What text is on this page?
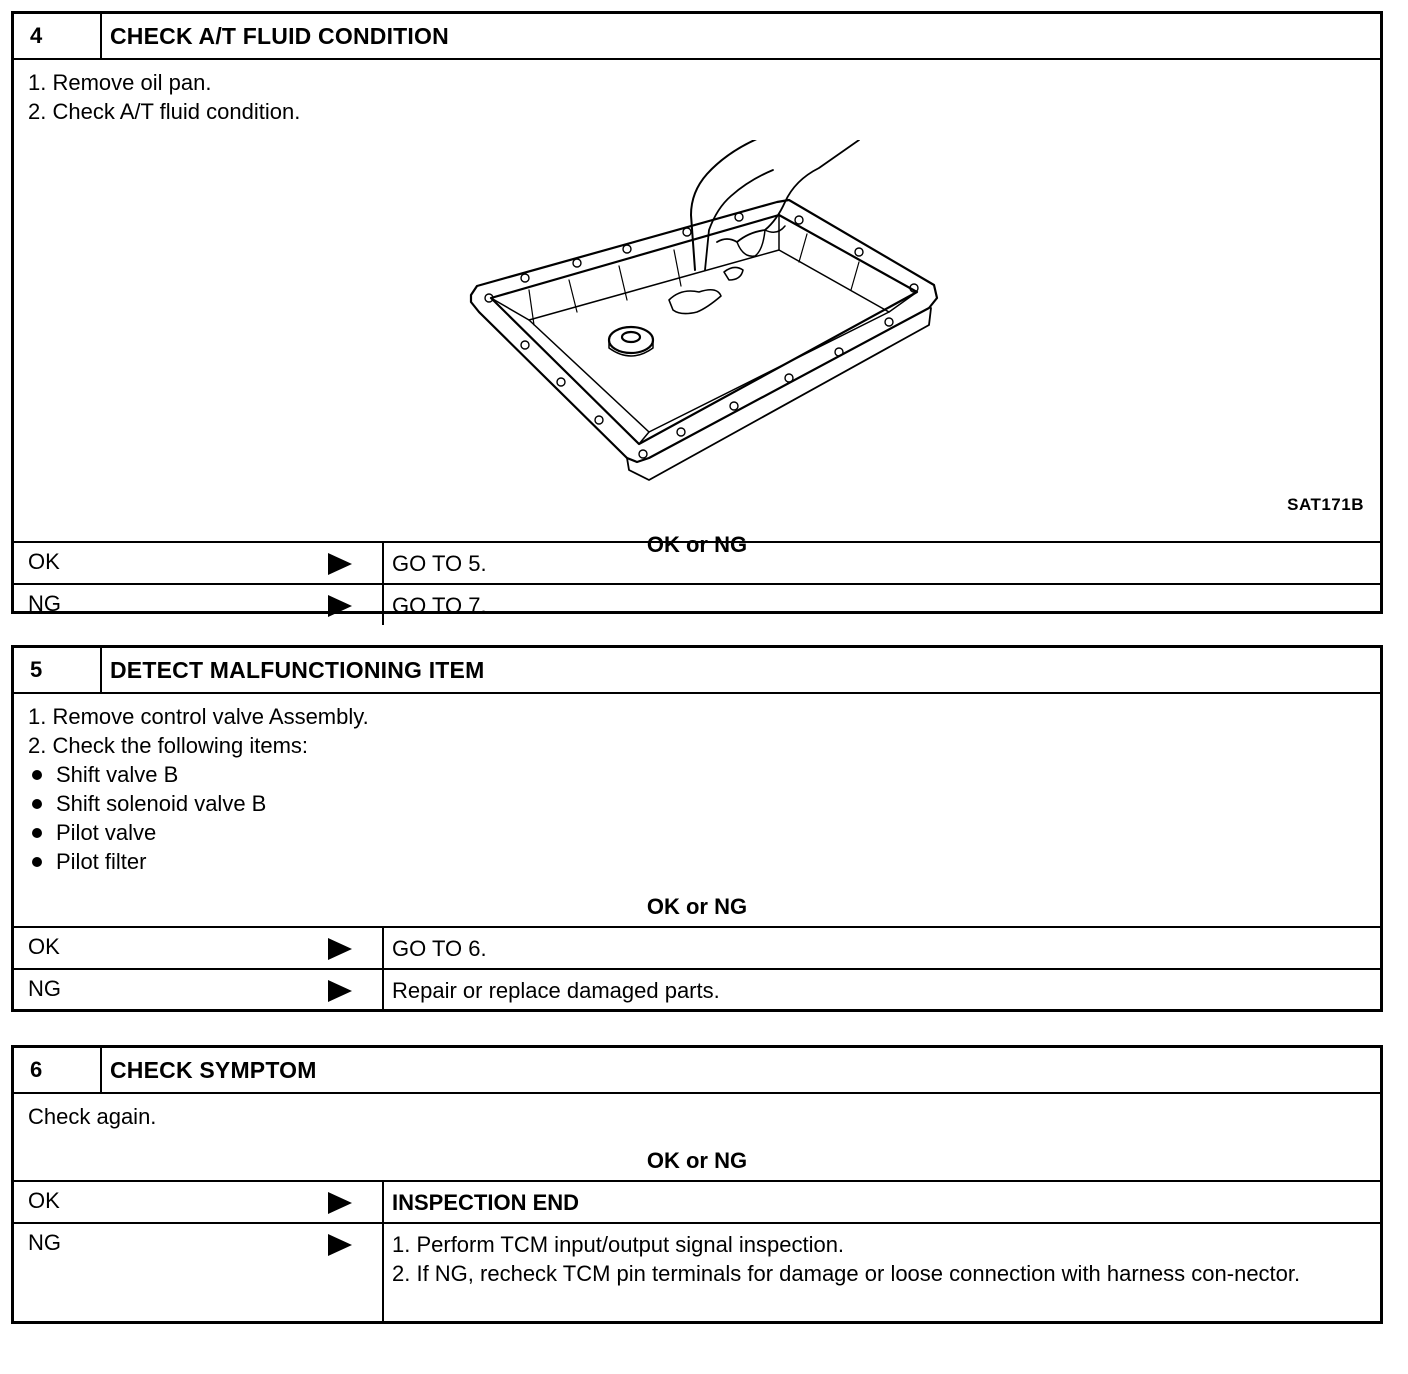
4	CHECK A/T FLUID CONDITION

1. Remove oil pan.

2. Check A/T fluid condition.

SAT171B
OK or NG
OK	GO TO 5.
NG	GO TO 7.
5	DETECT MALFUNCTIONING ITEM

1. Remove control valve Assembly.

2. Check the following items:

Shift valve B

Shift solenoid valve B

Pilot valve

Pilot filter

OK or NG
OK	GO TO 6.
NG	Repair or replace damaged parts.
6	CHECK SYMPTOM

Check again.

OK or NG
OK	INSPECTION END
NG	1. Perform TCM input/output signal inspection.
2. If NG, recheck TCM pin terminals for damage or loose connection with harness con-nector.
